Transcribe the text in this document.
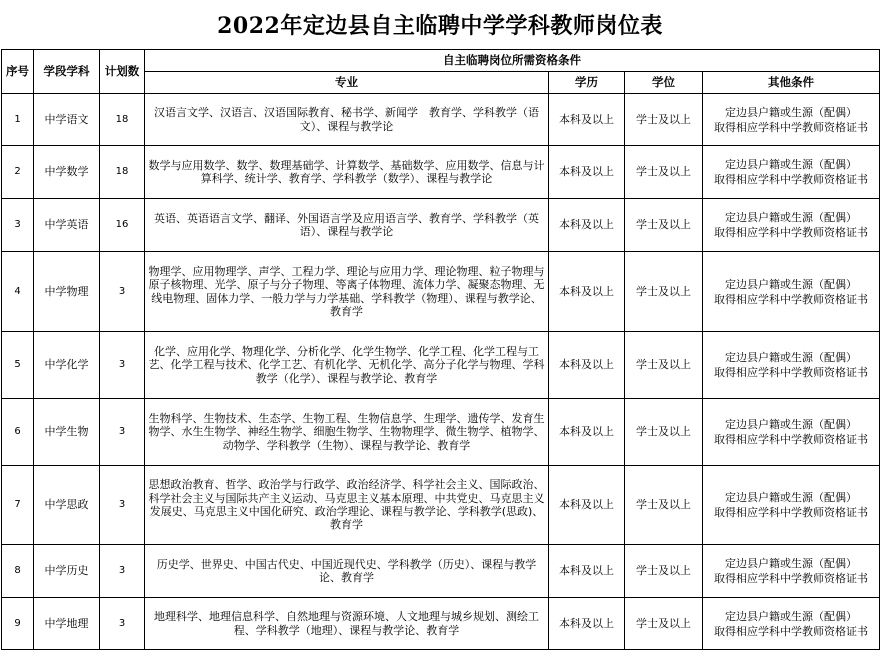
2022年定边县自主临聘中学学科教师岗位表
序号	学段学科	计划数	自主临聘岗位所需资格条件			
			专业	学历	学位	其他条件
1	中学语文	18	汉语言文学、汉语言、汉语国际教育、秘书学、新闻学　教育学、学科教学（语文）、课程与教学论	本科及以上	学士及以上	定边县户籍或生源（配偶）
取得相应学科中学教师资格证书

2	中学数学	18	数学与应用数学、数学、数理基础学、计算数学、基础数学、应用数学、信息与计算科学、统计学、教育学、学科教学（数学）、课程与教学论	本科及以上	学士及以上	定边县户籍或生源（配偶）
取得相应学科中学教师资格证书

3	中学英语	16	英语、英语语言文学、翻译、外国语言学及应用语言学、教育学、学科教学（英语）、课程与教学论	本科及以上	学士及以上	定边县户籍或生源（配偶）
取得相应学科中学教师资格证书

4	中学物理	3	物理学、应用物理学、声学、工程力学、理论与应用力学、理论物理、粒子物理与原子核物理、光学、原子与分子物理、等离子体物理、流体力学、凝聚态物理、无线电物理、固体力学、一般力学与力学基础、学科教学（物理）、课程与教学论、教育学	本科及以上	学士及以上	定边县户籍或生源（配偶）
取得相应学科中学教师资格证书

5	中学化学	3	化学、应用化学、物理化学、分析化学、化学生物学、化学工程、化学工程与工艺、化学工程与技术、化学工艺、有机化学、无机化学、高分子化学与物理、学科教学（化学）、课程与教学论、教育学	本科及以上	学士及以上	定边县户籍或生源（配偶）
取得相应学科中学教师资格证书

6	中学生物	3	生物科学、生物技术、生态学、生物工程、生物信息学、生理学、遗传学、发育生物学、水生生物学、神经生物学、细胞生物学、生物物理学、微生物学、植物学、动物学、学科教学（生物）、课程与教学论、教育学	本科及以上	学士及以上	定边县户籍或生源（配偶）
取得相应学科中学教师资格证书

7	中学思政	3	思想政治教育、哲学、政治学与行政学、政治经济学、科学社会主义、国际政治、科学社会主义与国际共产主义运动、马克思主义基本原理、中共党史、马克思主义发展史、马克思主义中国化研究、政治学理论、课程与教学论、学科教学(思政)、教育学	本科及以上	学士及以上	定边县户籍或生源（配偶）
取得相应学科中学教师资格证书

8	中学历史	3	历史学、世界史、中国古代史、中国近现代史、学科教学（历史）、课程与教学论、教育学	本科及以上	学士及以上	定边县户籍或生源（配偶）
取得相应学科中学教师资格证书

9	中学地理	3	地理科学、地理信息科学、自然地理与资源环境、人文地理与城乡规划、测绘工程、学科教学（地理）、课程与教学论、教育学	本科及以上	学士及以上	定边县户籍或生源（配偶）
取得相应学科中学教师资格证书
